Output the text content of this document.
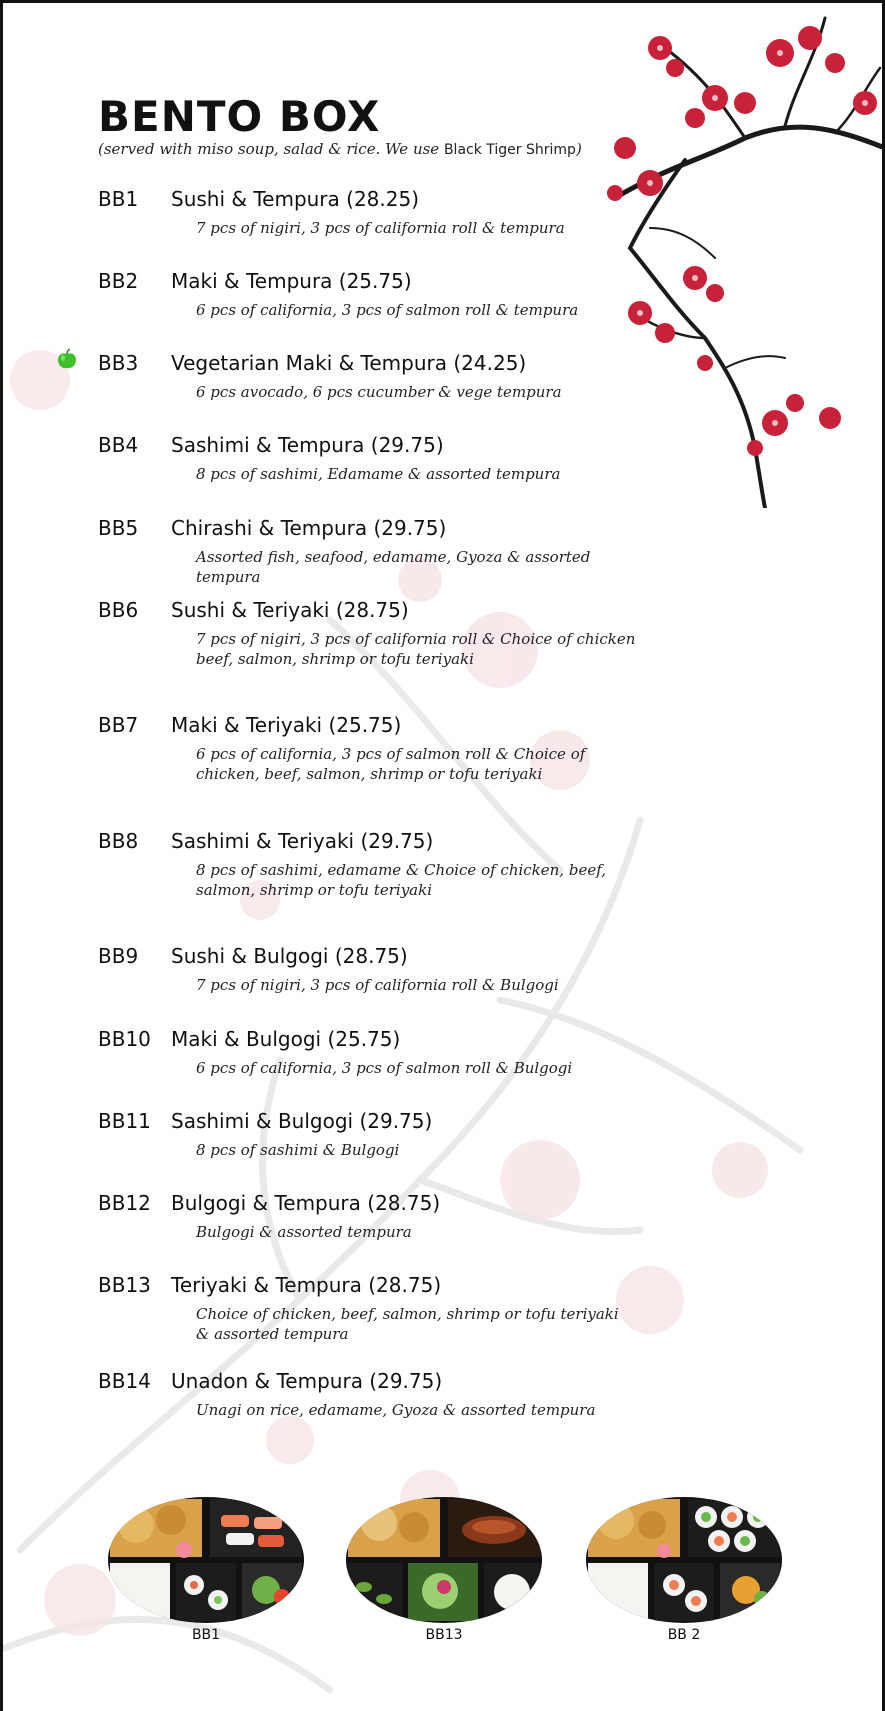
BENTO BOX
(served with miso soup, salad & rice. We use Black Tiger Shrimp)
BB1 Sushi & Tempura (28.25)
7 pcs of nigiri, 3 pcs of california roll & tempura
BB2 Maki & Tempura (25.75)
6 pcs of california, 3 pcs of salmon roll & tempura
BB3 Vegetarian Maki & Tempura (24.25)
6 pcs avocado, 6 pcs cucumber & vege tempura
BB4 Sashimi & Tempura (29.75)
8 pcs of sashimi, Edamame & assorted tempura
BB5 Chirashi & Tempura (29.75)
Assorted fish, seafood, edamame, Gyoza & assorted tempura
BB6 Sushi & Teriyaki (28.75)
7 pcs of nigiri, 3 pcs of california roll & Choice of chicken beef, salmon, shrimp or tofu teriyaki
BB7 Maki & Teriyaki (25.75)
6 pcs of california, 3 pcs of salmon roll & Choice of chicken, beef, salmon, shrimp or tofu teriyaki
BB8 Sashimi & Teriyaki (29.75)
8 pcs of sashimi, edamame & Choice of chicken, beef, salmon, shrimp or tofu teriyaki
BB9 Sushi & Bulgogi (28.75)
7 pcs of nigiri, 3 pcs of california roll & Bulgogi
BB10 Maki & Bulgogi (25.75)
6 pcs of california, 3 pcs of salmon roll & Bulgogi
BB11 Sashimi & Bulgogi (29.75)
8 pcs of sashimi & Bulgogi
BB12 Bulgogi & Tempura (28.75)
Bulgogi & assorted tempura
BB13 Teriyaki & Tempura (28.75)
Choice of chicken, beef, salmon, shrimp or tofu teriyaki & assorted tempura
BB14 Unadon & Tempura (29.75)
Unagi on rice, edamame, Gyoza & assorted tempura
BB1	BB13	BB 2
